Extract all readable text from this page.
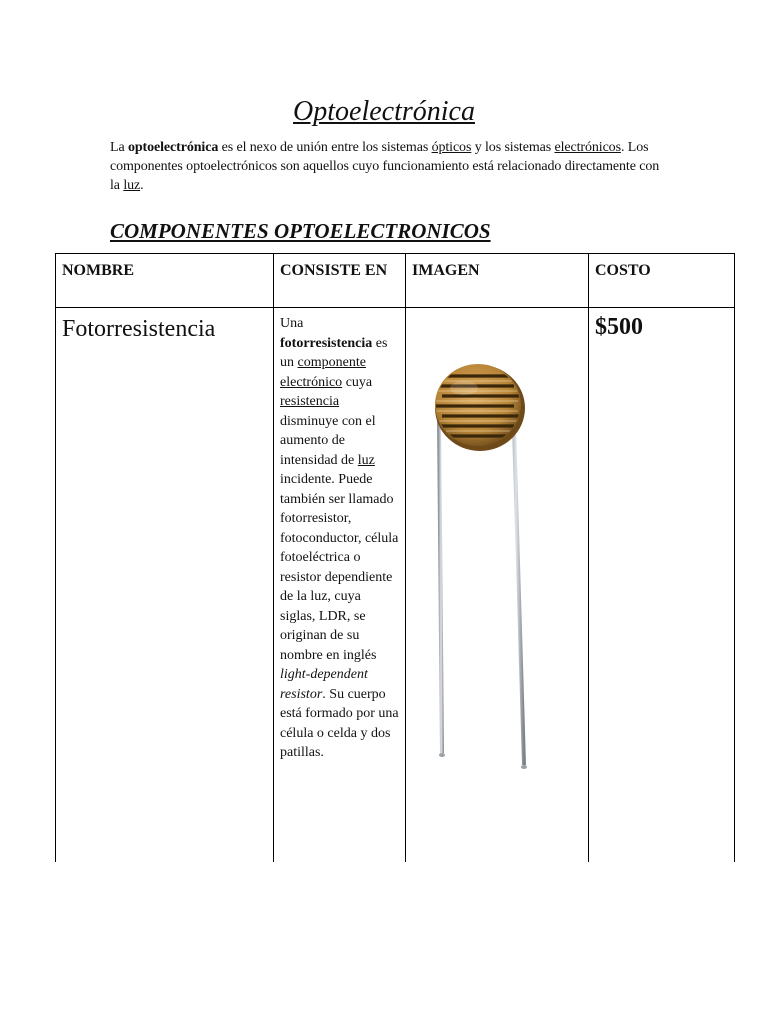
Optoelectrónica

La optoelectrónica es el nexo de unión entre los sistemas ópticos y los sistemas electrónicos. Los componentes optoelectrónicos son aquellos cuyo funcionamiento está relacionado directamente con la luz.

COMPONENTES OPTOELECTRONICOS
NOMBRE	CONSISTE EN	IMAGEN	COSTO
Fotorresistencia	Una fotorresistencia es un componente electrónico cuya resistencia disminuye con el aumento de intensidad de luz incidente. Puede también ser llamado fotorresistor, fotoconductor, célula fotoeléctrica o resistor dependiente de la luz, cuya siglas, LDR, se originan de su nombre en inglés light-dependent resistor. Su cuerpo está formado por una célula o celda y dos patillas.		$500
